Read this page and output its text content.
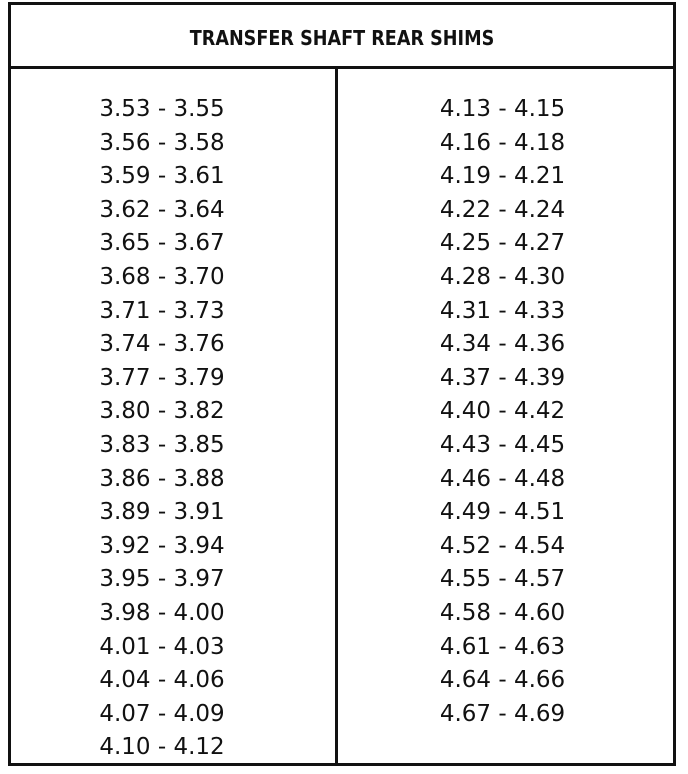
TRANSFER SHAFT REAR SHIMS
3.53 - 3.55
3.56 - 3.58
3.59 - 3.61
3.62 - 3.64
3.65 - 3.67
3.68 - 3.70
3.71 - 3.73
3.74 - 3.76
3.77 - 3.79
3.80 - 3.82
3.83 - 3.85
3.86 - 3.88
3.89 - 3.91
3.92 - 3.94
3.95 - 3.97
3.98 - 4.00
4.01 - 4.03
4.04 - 4.06
4.07 - 4.09
4.10 - 4.12
4.13 - 4.15
4.16 - 4.18
4.19 - 4.21
4.22 - 4.24
4.25 - 4.27
4.28 - 4.30
4.31 - 4.33
4.34 - 4.36
4.37 - 4.39
4.40 - 4.42
4.43 - 4.45
4.46 - 4.48
4.49 - 4.51
4.52 - 4.54
4.55 - 4.57
4.58 - 4.60
4.61 - 4.63
4.64 - 4.66
4.67 - 4.69
